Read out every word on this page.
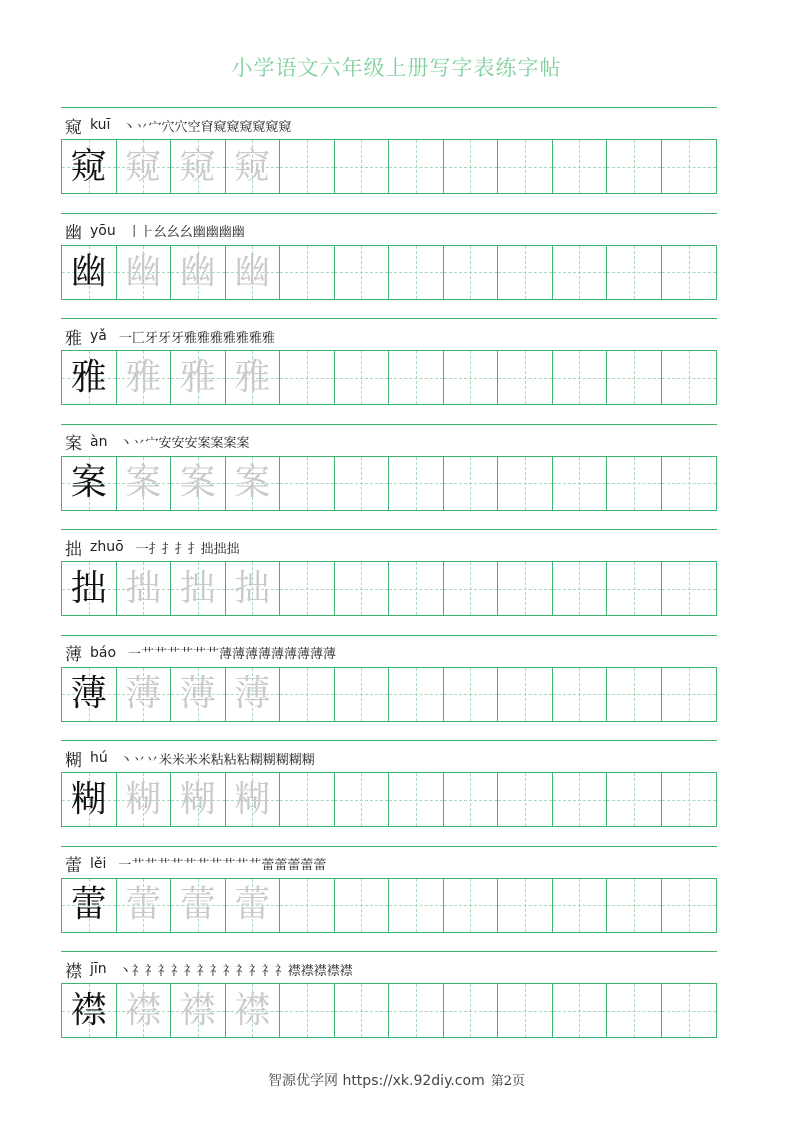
小学语文六年级上册写字表练字帖
窥 kuī 丶 丷 宀 穴 穴 空 窅 窥 窥 窥 窥 窥 窥
窥 窥 窥 窥
幽 yōu 丨 ⺊ 幺 幺 幺 幽 幽 幽 幽
幽 幽 幽 幽
雅 yǎ 一 匚 牙 牙 牙 雅 雅 雅 雅 雅 雅 雅
雅 雅 雅 雅
案 àn 丶 丷 宀 安 安 安 案 案 案 案
案 案 案 案
拙 zhuō 一 扌 扌 扌 扌 拙 拙 拙
拙 拙 拙 拙
薄 báo 一 艹 艹 艹 艹 艹 艹 薄 薄 薄 薄 薄 薄 薄 薄 薄
薄 薄 薄 薄
糊 hú 丶 丷 丷 米 米 米 米 粘 粘 粘 糊 糊 糊 糊 糊
糊 糊 糊 糊
蕾 lěi 一 艹 艹 艹 艹 艹 艹 艹 艹 艹 艹 蕾 蕾 蕾 蕾 蕾
蕾 蕾 蕾 蕾
襟 jīn 丶 礻 礻 礻 礻 礻 礻 礻 礻 礻 礻 礻 礻 襟 襟 襟 襟 襟
襟 襟 襟 襟
智源优学网 https://xk.92diy.com 第2页
